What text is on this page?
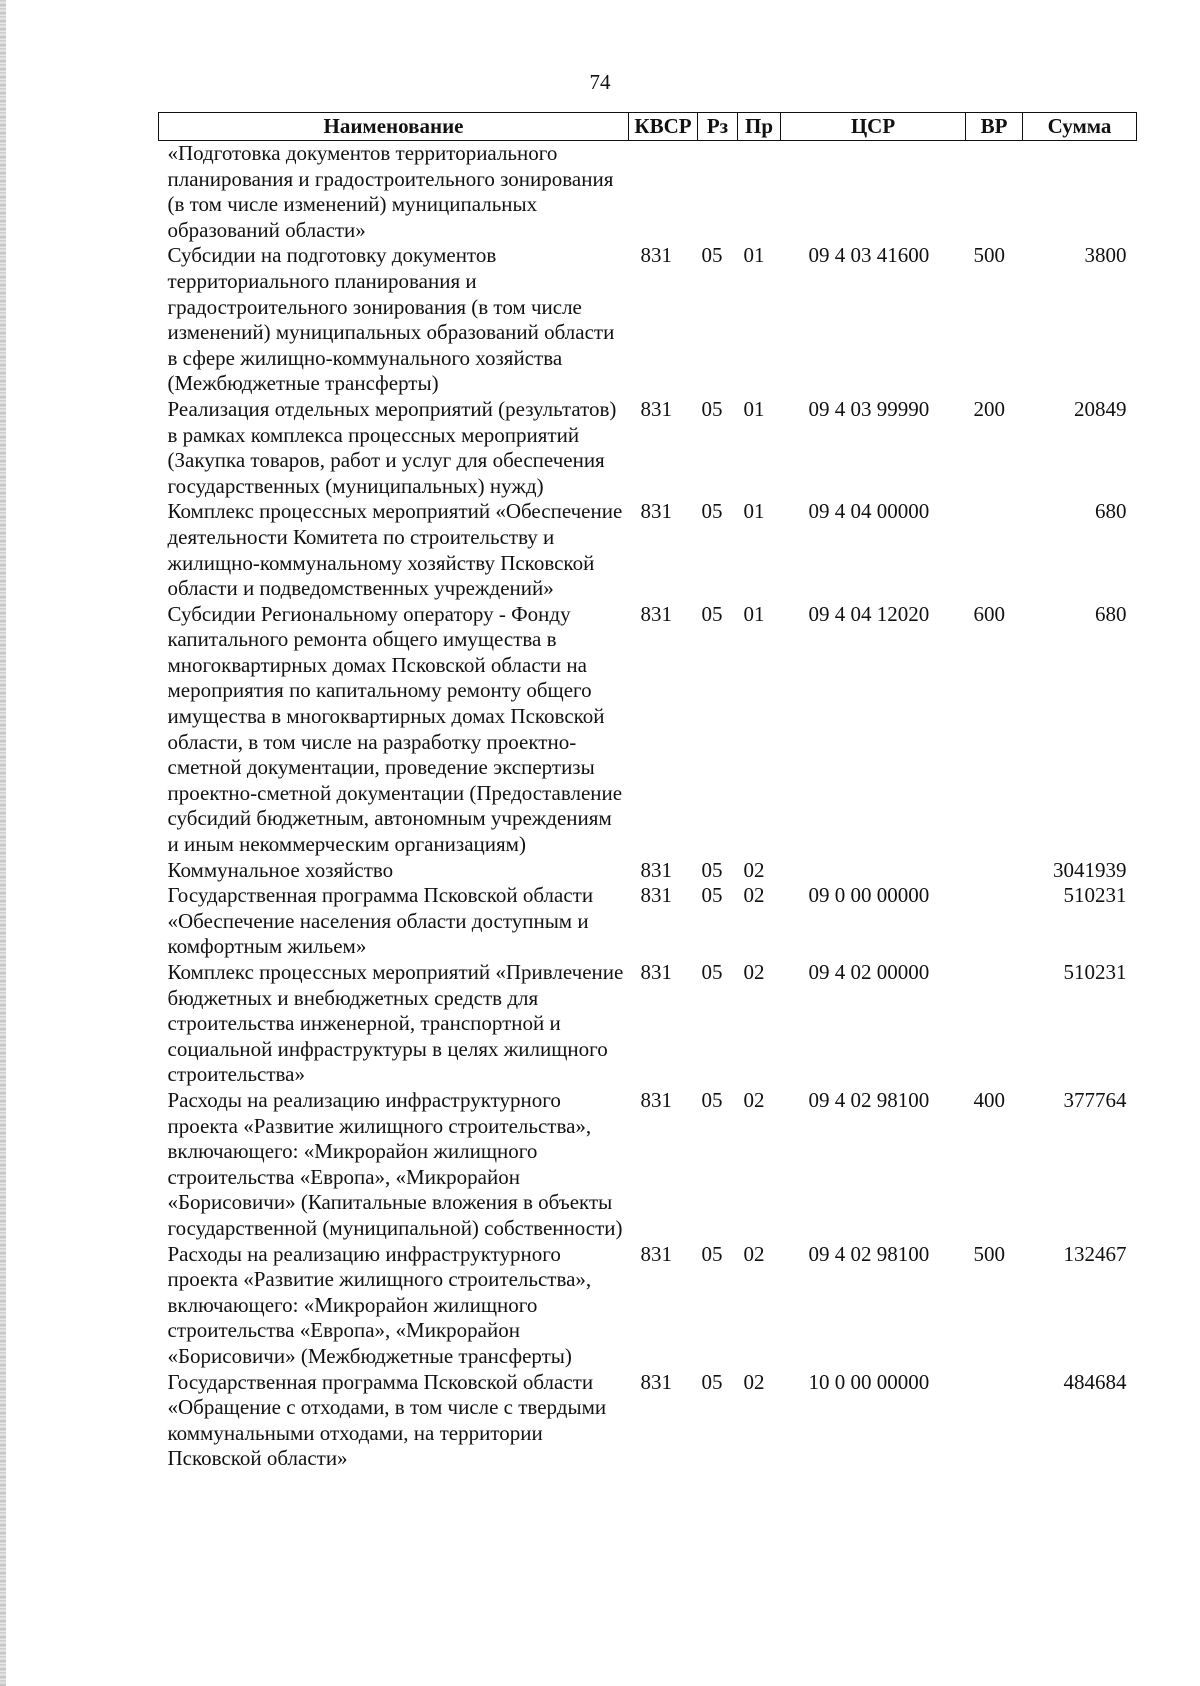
74
Наименование	КВСР	Рз	Пр	ЦСР	ВР	Сумма
«Подготовка документов территориального планирования и градостроительного зонирования (в том числе изменений) муниципальных образований области»						
Субсидии на подготовку документов территориального планирования и градостроительного зонирования (в том числе изменений) муниципальных образований области в сфере жилищно-коммунального хозяйства (Межбюджетные трансферты)	831	05	01	09 4 03 41600	500	3800
Реализация отдельных мероприятий (результатов) в рамках комплекса процессных мероприятий (Закупка товаров, работ и услуг для обеспечения государственных (муниципальных) нужд)	831	05	01	09 4 03 99990	200	20849
Комплекс процессных мероприятий «Обеспечение деятельности Комитета по строительству и жилищно-коммунальному хозяйству Псковской области и подведомственных учреждений»	831	05	01	09 4 04 00000		680
Субсидии Региональному оператору - Фонду капитального ремонта общего имущества в многоквартирных домах Псковской области на мероприятия по капитальному ремонту общего имущества в многоквартирных домах Псковской области, в том числе на разработку проектно-сметной документации, проведение экспертизы проектно-сметной документации (Предоставление субсидий бюджетным, автономным учреждениям и иным некоммерческим организациям)	831	05	01	09 4 04 12020	600	680
Коммунальное хозяйство	831	05	02			3041939
Государственная программа Псковской области «Обеспечение населения области доступным и комфортным жильем»	831	05	02	09 0 00 00000		510231
Комплекс процессных мероприятий «Привлечение бюджетных и внебюджетных средств для строительства инженерной, транспортной и социальной инфраструктуры в целях жилищного строительства»	831	05	02	09 4 02 00000		510231
Расходы на реализацию инфраструктурного проекта «Развитие жилищного строительства», включающего: «Микрорайон жилищного строительства «Европа», «Микрорайон «Борисовичи» (Капитальные вложения в объекты государственной (муниципальной) собственности)	831	05	02	09 4 02 98100	400	377764
Расходы на реализацию инфраструктурного проекта «Развитие жилищного строительства», включающего: «Микрорайон жилищного строительства «Европа», «Микрорайон «Борисовичи» (Межбюджетные трансферты)	831	05	02	09 4 02 98100	500	132467
Государственная программа Псковской области «Обращение с отходами, в том числе с твердыми коммунальными отходами, на территории Псковской области»	831	05	02	10 0 00 00000		484684
